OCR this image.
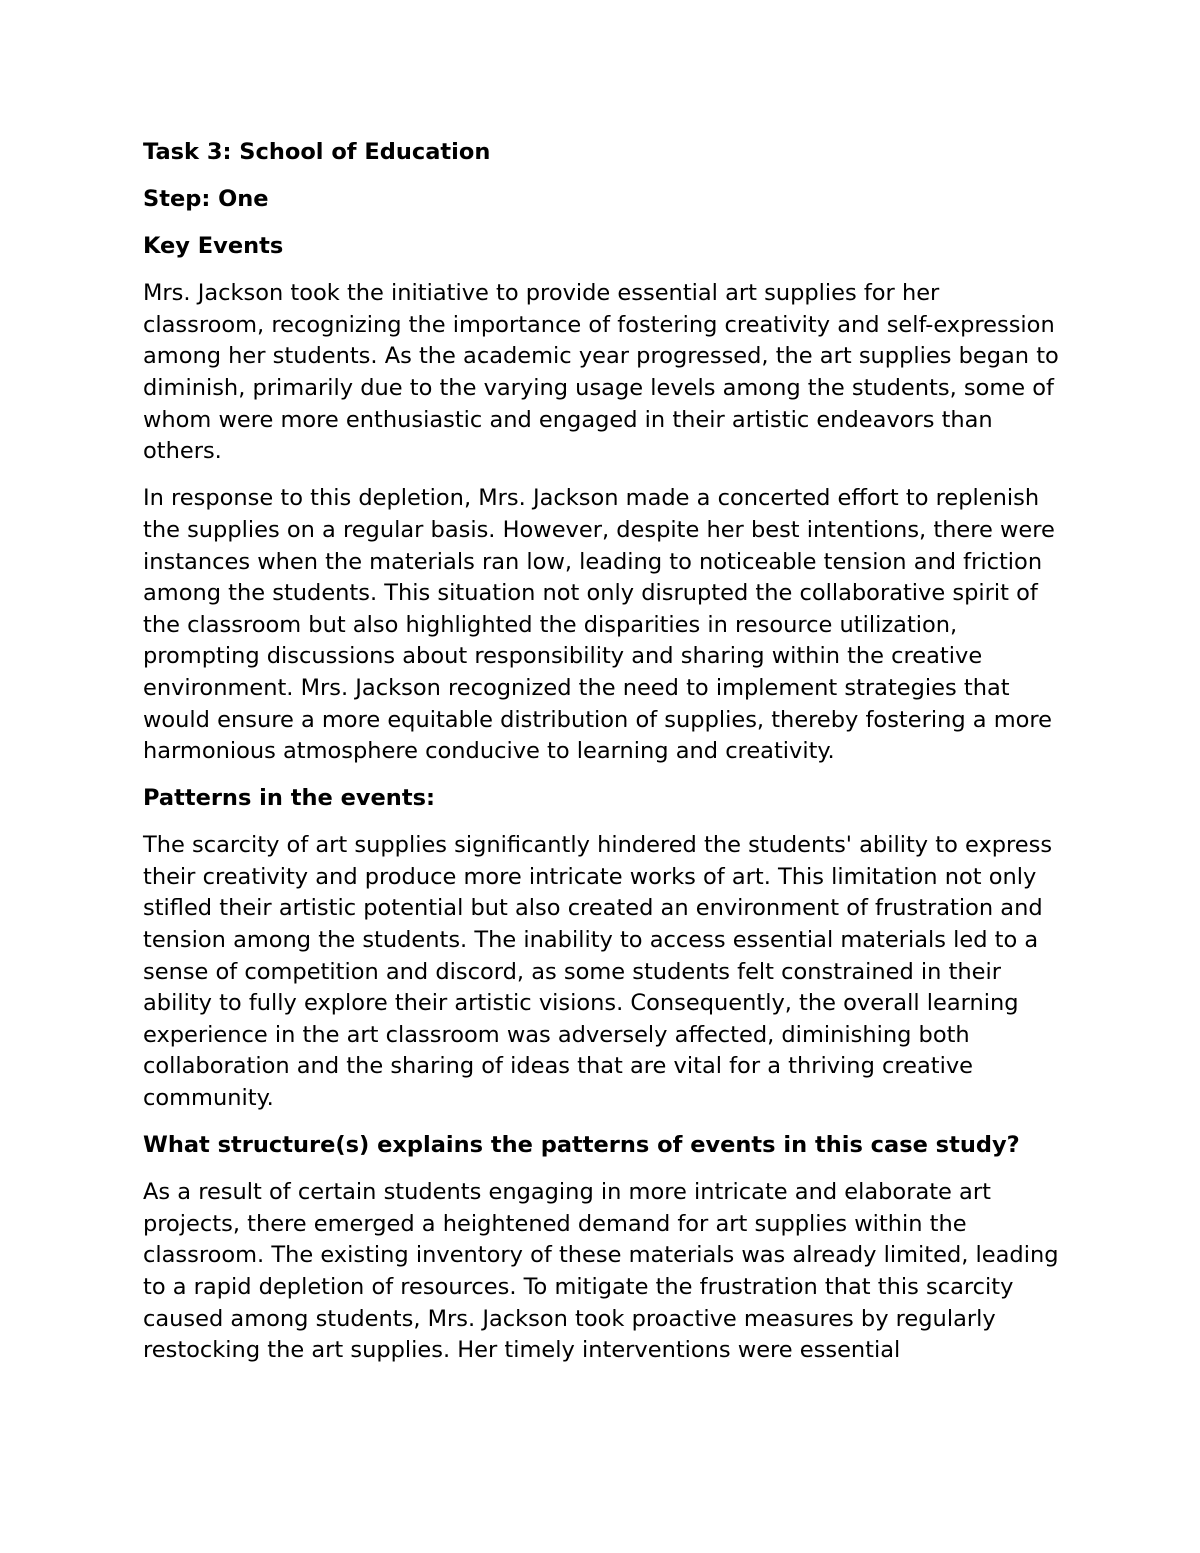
Task 3: School of Education

Step: One

Key Events

Mrs. Jackson took the initiative to provide essential art supplies for her classroom, recognizing the importance of fostering creativity and self-expression among her students. As the academic year progressed, the art supplies began to diminish, primarily due to the varying usage levels among the students, some of whom were more enthusiastic and engaged in their artistic endeavors than others.

In response to this depletion, Mrs. Jackson made a concerted effort to replenish the supplies on a regular basis. However, despite her best intentions, there were instances when the materials ran low, leading to noticeable tension and friction among the students. This situation not only disrupted the collaborative spirit of the classroom but also highlighted the disparities in resource utilization, prompting discussions about responsibility and sharing within the creative environment. Mrs. Jackson recognized the need to implement strategies that would ensure a more equitable distribution of supplies, thereby fostering a more harmonious atmosphere conducive to learning and creativity.

Patterns in the events:

The scarcity of art supplies significantly hindered the students' ability to express their creativity and produce more intricate works of art. This limitation not only stifled their artistic potential but also created an environment of frustration and tension among the students. The inability to access essential materials led to a sense of competition and discord, as some students felt constrained in their ability to fully explore their artistic visions. Consequently, the overall learning experience in the art classroom was adversely affected, diminishing both collaboration and the sharing of ideas that are vital for a thriving creative community.

What structure(s) explains the patterns of events in this case study?

As a result of certain students engaging in more intricate and elaborate art projects, there emerged a heightened demand for art supplies within the classroom. The existing inventory of these materials was already limited, leading to a rapid depletion of resources. To mitigate the frustration that this scarcity caused among students, Mrs. Jackson took proactive measures by regularly restocking the art supplies. Her timely interventions were essential
